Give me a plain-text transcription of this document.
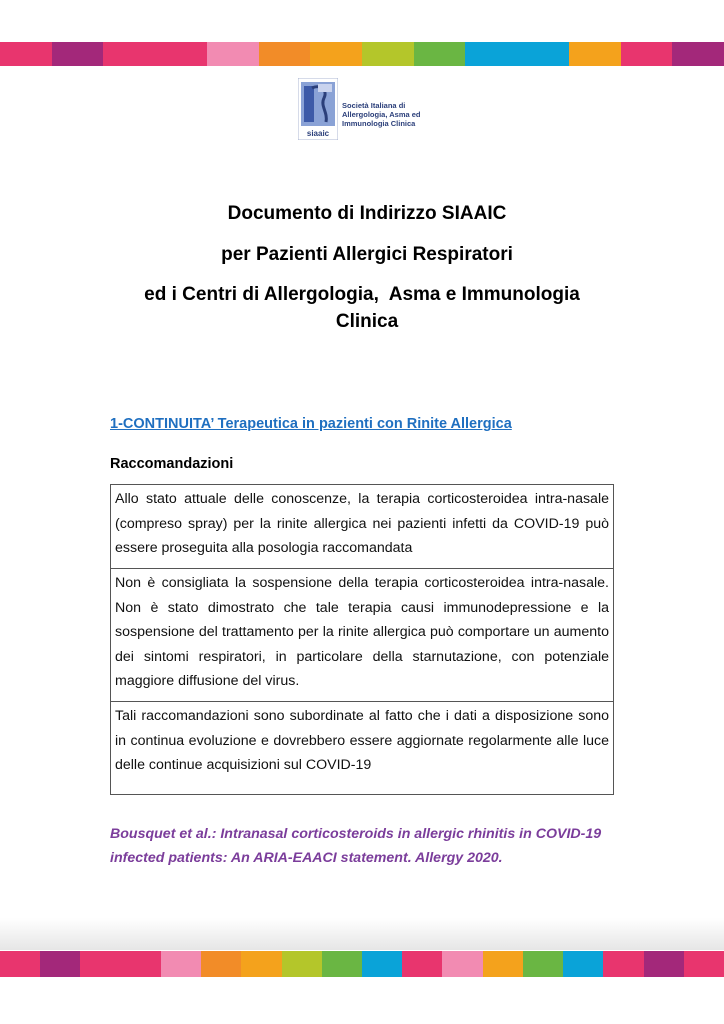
siaaic
Società Italiana di
Allergologia, Asma ed
Immunologia Clinica
Documento di Indirizzo SIAAIC
per Pazienti Allergici Respiratori
ed i Centri di Allergologia,  Asma e Immunologia
Clinica
1-CONTINUITA’ Terapeutica in pazienti con Rinite Allergica
Raccomandazioni
Allo stato attuale delle conoscenze, la terapia corticosteroidea intra-nasale (compreso spray) per la rinite allergica nei pazienti infetti da COVID-19 può essere proseguita alla posologia raccomandata
Non è consigliata la sospensione della terapia corticosteroidea intra-nasale. Non è stato dimostrato che tale terapia causi immunodepressione e la sospensione del trattamento per la rinite allergica può comportare un aumento dei sintomi respiratori, in particolare della starnutazione, con potenziale maggiore diffusione del virus.
Tali raccomandazioni sono subordinate al fatto che i dati a disposizione sono in continua evoluzione e dovrebbero essere aggiornate regolarmente alle luce delle continue acquisizioni sul COVID-19
Bousquet et al.: Intranasal corticosteroids in allergic rhinitis in COVID-19 infected patients: An ARIA-EAACI statement. Allergy 2020.
